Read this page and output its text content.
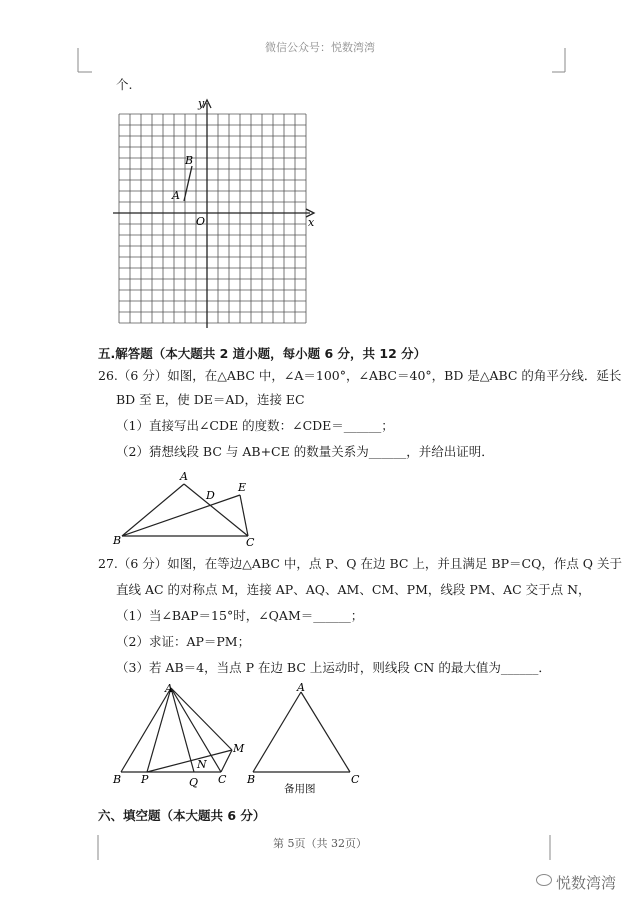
微信公众号：悦数湾湾
个.
x
y
O
A
B
五.解答题（本大题共 2 道小题，每小题 6 分，共 12 分）
26.（6 分）如图，在△ABC 中，∠A＝100°，∠ABC＝40°，BD 是△ABC 的角平分线．延长
BD 至 E，使 DE＝AD，连接 EC
（1）直接写出∠CDE 的度数：∠CDE＝______；
（2）猜想线段 BC 与 AB+CE 的数量关系为______，并给出证明．
A
B	C
D
E
27.（6 分）如图，在等边△ABC 中，点 P、Q 在边 BC 上，并且满足 BP＝CQ，作点 Q 关于
直线 AC 的对称点 M，连接 AP、AQ、AM、CM、PM，线段 PM、AC 交于点 N，
（1）当∠BAP＝15°时，∠QAM＝______；
（2）求证：AP＝PM；
（3）若 AB＝4，当点 P 在边 BC 上运动时，则线段 CN 的最大值为______．
A
B	C
P	Q
M
N
A
B	C
备用图
六、填空题（本大题共 6 分）
第 5页（共 32页）
悦数湾湾
